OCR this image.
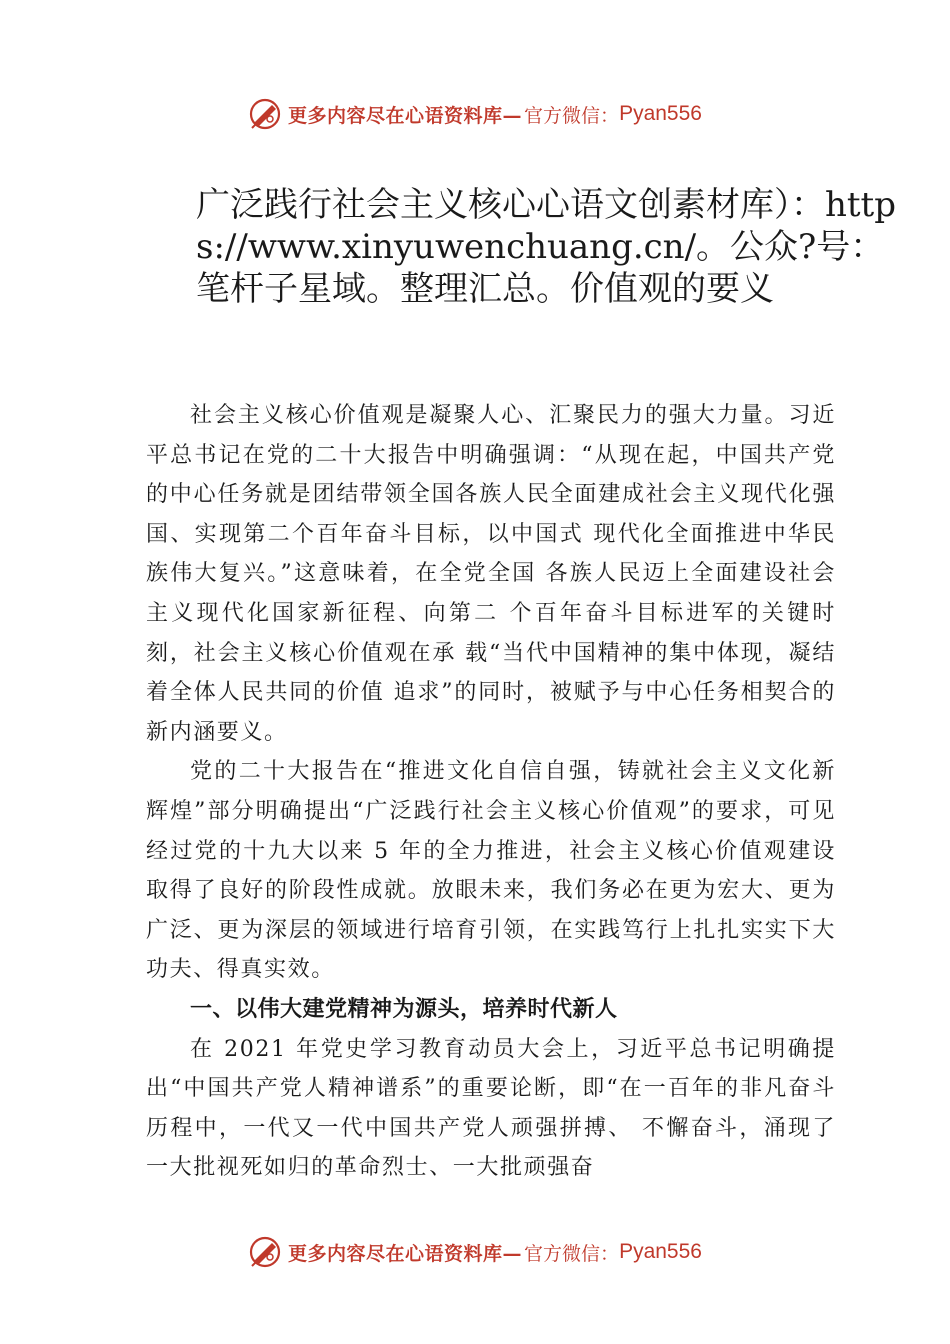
更多内容尽在心语资料库— 官方微信： Pyan556
广泛践行社会主义核心心语文创素材库）：https://www.xinyuwenchuang.cn/。公众?号：笔杆子星域。整理汇总。价值观的要义

社会主义核心价值观是凝聚人心、汇聚民力的强大力量。习近平总书记在党的二十大报告中明确强调：“从现在起，中国共产党的中心任务就是团结带领全国各族人民全面建成社会主义现代化强国、实现第二个百年奋斗目标，以中国式 现代化全面推进中华民族伟大复兴。”这意味着，在全党全国 各族人民迈上全面建设社会主义现代化国家新征程、向第二 个百年奋斗目标进军的关键时刻，社会主义核心价值观在承 载“当代中国精神的集中体现，凝结着全体人民共同的价值 追求”的同时，被赋予与中心任务相契合的新内涵要义。

党的二十大报告在“推进文化自信自强，铸就社会主义文化新辉煌”部分明确提出“广泛践行社会主义核心价值观”的要求，可见经过党的十九大以来 5 年的全力推进，社会主义核心价值观建设取得了良好的阶段性成就。放眼未来，我们务必在更为宏大、更为广泛、更为深层的领域进行培育引领，在实践笃行上扎扎实实下大功夫、得真实效。

一、以伟大建党精神为源头，培养时代新人

在 2021 年党史学习教育动员大会上，习近平总书记明确提出“中国共产党人精神谱系”的重要论断，即“在一百年的非凡奋斗历程中，一代又一代中国共产党人顽强拼搏、 不懈奋斗，涌现了一大批视死如归的革命烈士、一大批顽强奋

更多内容尽在心语资料库— 官方微信： Pyan556
